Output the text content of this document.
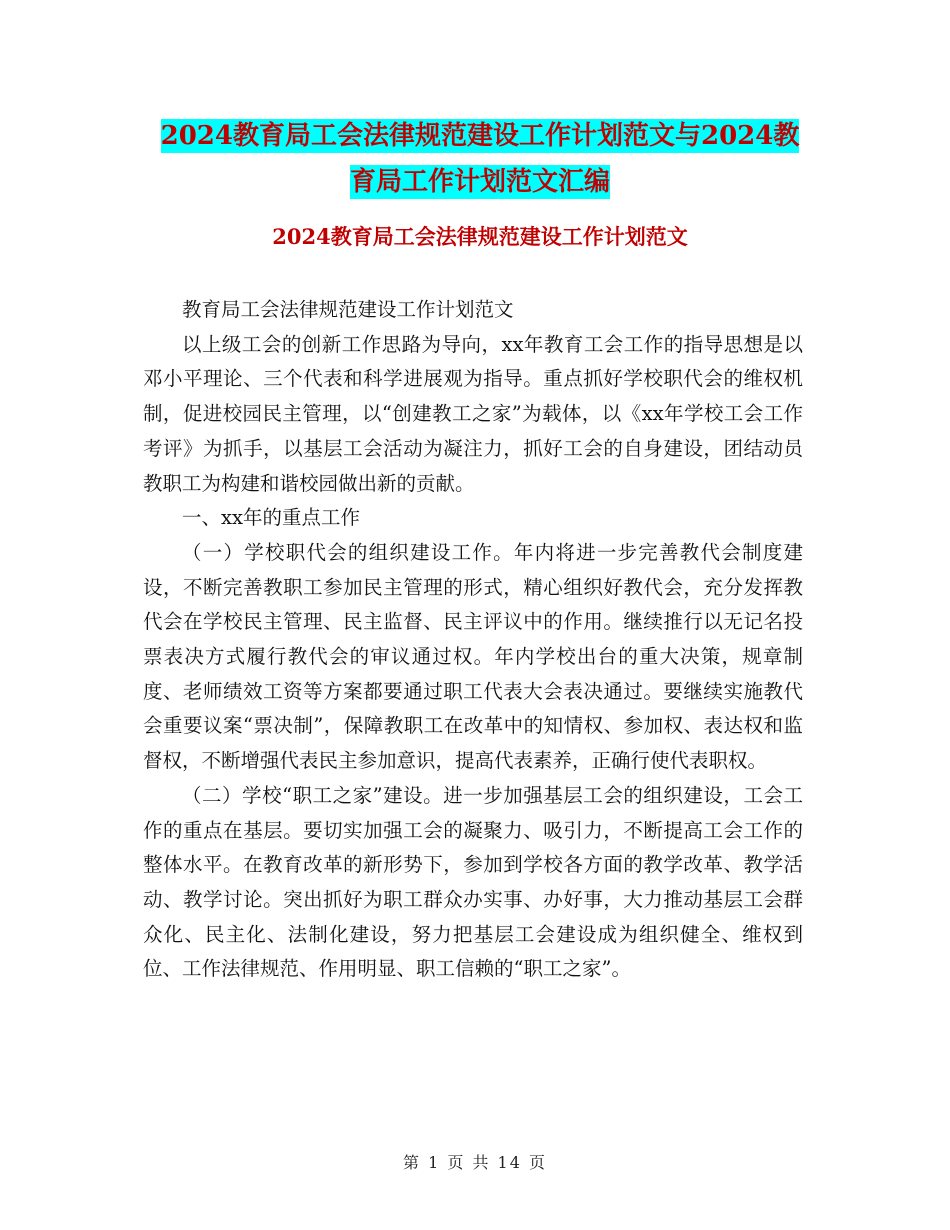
2024教育局工会法律规范建设工作计划范文与2024教
育局工作计划范文汇编
2024教育局工会法律规范建设工作计划范文

教育局工会法律规范建设工作计划范文

以上级工会的创新工作思路为导向，xx年教育工会工作的指导思想是以邓小平理论、三个代表和科学进展观为指导。重点抓好学校职代会的维权机制，促进校园民主管理，以“创建教工之家”为载体，以《xx年学校工会工作考评》为抓手，以基层工会活动为凝注力，抓好工会的自身建设，团结动员教职工为构建和谐校园做出新的贡献。

一、xx年的重点工作

（一）学校职代会的组织建设工作。年内将进一步完善教代会制度建设，不断完善教职工参加民主管理的形式，精心组织好教代会，充分发挥教代会在学校民主管理、民主监督、民主评议中的作用。继续推行以无记名投票表决方式履行教代会的审议通过权。年内学校出台的重大决策，规章制度、老师绩效工资等方案都要通过职工代表大会表决通过。要继续实施教代会重要议案“票决制”，保障教职工在改革中的知情权、参加权、表达权和监督权，不断增强代表民主参加意识，提高代表素养，正确行使代表职权。

（二）学校“职工之家”建设。进一步加强基层工会的组织建设，工会工作的重点在基层。要切实加强工会的凝聚力、吸引力，不断提高工会工作的整体水平。在教育改革的新形势下，参加到学校各方面的教学改革、教学活动、教学讨论。突出抓好为职工群众办实事、办好事，大力推动基层工会群众化、民主化、法制化建设，努力把基层工会建设成为组织健全、维权到位、工作法律规范、作用明显、职工信赖的“职工之家”。

第 1 页 共 14 页
